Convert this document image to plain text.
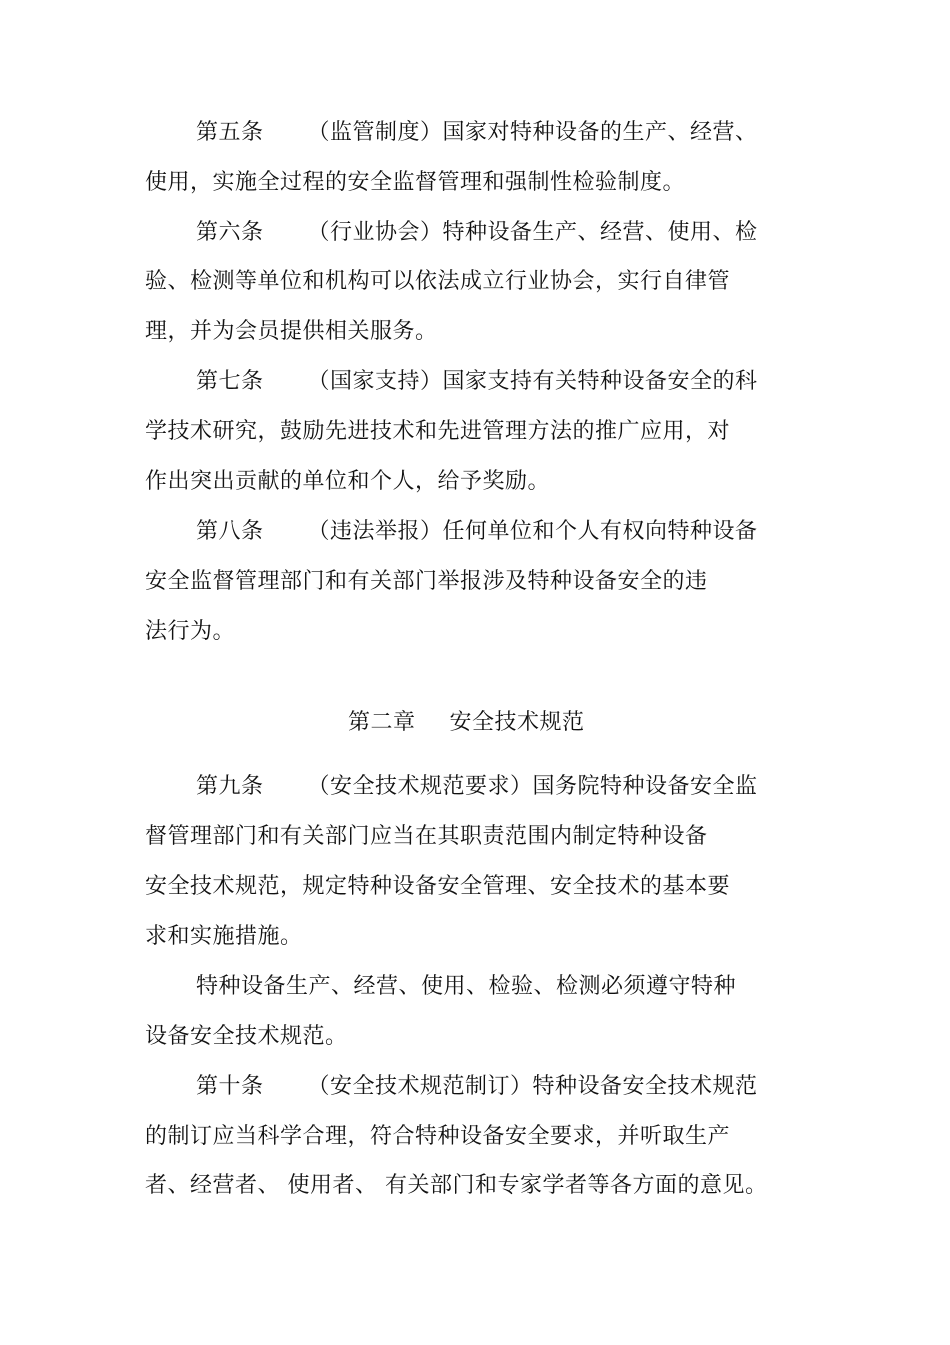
第五条 （监管制度）国家对特种设备的生产、经营、
使用，实施全过程的安全监督管理和强制性检验制度。
第六条 （行业协会）特种设备生产、经营、使用、检
验、检测等单位和机构可以依法成立行业协会，实行自律管
理，并为会员提供相关服务。
第七条 （国家支持）国家支持有关特种设备安全的科
学技术研究，鼓励先进技术和先进管理方法的推广应用，对
作出突出贡献的单位和个人，给予奖励。
第八条 （违法举报）任何单位和个人有权向特种设备
安全监督管理部门和有关部门举报涉及特种设备安全的违
法行为。
第二章 安全技术规范
第九条 （安全技术规范要求）国务院特种设备安全监
督管理部门和有关部门应当在其职责范围内制定特种设备
安全技术规范，规定特种设备安全管理、安全技术的基本要
求和实施措施。
特种设备生产、经营、使用、检验、检测必须遵守特种
设备安全技术规范。
第十条 （安全技术规范制订）特种设备安全技术规范
的制订应当科学合理，符合特种设备安全要求，并听取生产
者、经营者、 使用者、 有关部门和专家学者等各方面的意见。
